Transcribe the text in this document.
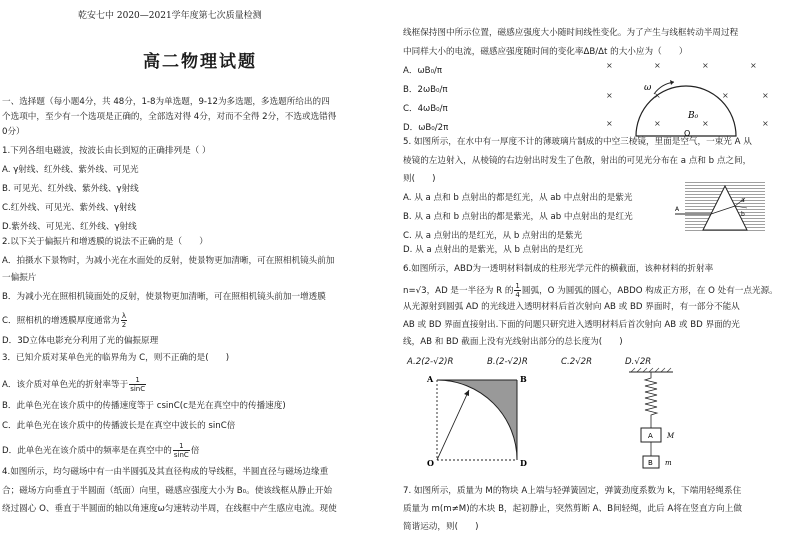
乾安七中 2020—2021学年度第七次质量检测
高二物理试题
一、选择题（每小题4分，共 48分，1-8为单选题，9-12为多选题，多选题所给出的四
个选项中，至少有一个选项是正确的，全部选对得 4分，对而不全得 2分，不选或选错得
0分）
1.下列各组电磁波，按波长由长到短的正确排列是（ ）
A. γ射线、红外线、紫外线、可见光
B. 可见光、红外线、紫外线、γ射线
C.红外线、可见光、紫外线、γ射线
D.紫外线、可见光、红外线、γ射线
2.以下关于偏振片和增透膜的说法不正确的是（　　）
A．拍摄水下景物时，为减小光在水面处的反射，使景物更加清晰，可在照相机镜头前加
一偏振片
B．为减小光在照相机镜面处的反射，使景物更加清晰，可在照相机镜头前加一增透膜
C．照相机的增透膜厚度通常为 $\frac{\lambda}{2}$
D．3D立体电影充分利用了光的偏振原理
3．已知介质对某单色光的临界角为 C，则不正确的是(　　)
A．该介质对单色光的折射率等于 $\frac{1}{\sin C}$
B．此单色光在该介质中的传播速度等于 csinC(c是光在真空中的传播速度)
C．此单色光在该介质中的传播波长是在真空中波长的 sinC倍
D．此单色光在该介质中的频率是在真空中的 $\frac{1}{\sin C}$ 倍
4.如图所示，均匀磁场中有一由半圆弧及其直径构成的导线框，半圆直径与磁场边缘重
合；磁场方向垂直于半圆面（纸面）向里，磁感应强度大小为 B₀。使该线框从静止开始
绕过圆心 O、垂直于半圆面的轴以角速度ω匀速转动半周，在线框中产生感应电流。现使
线框保持图中所示位置，磁感应强度大小随时间线性变化。为了产生与线框转动半周过程
中同样大小的电流，磁感应强度随时间的变化率ΔB/Δt 的大小应为（　　）
A．ωB₀/π
B．2ωB₀/π
C．4ωB₀/π
D．ωB₀/2π
×	×	×	×
×	×	×	×
×	×	×	×
ω
B₀
O
5. 如图所示，在水中有一厚度不计的薄玻璃片制成的中空三棱镜，里面是空气，一束光 A 从
棱镜的左边射入，从棱镜的右边射出时发生了色散，射出的可见光分布在 a 点和 b 点之间，
则(　　)
A. 从 a 点和 b 点射出的都是红光，从 ab 中点射出的是紫光
B. 从 a 点和 b 点射出的都是紫光，从 ab 中点射出的是红光
C. 从 a 点射出的是红光，从 b 点射出的是紫光
D. 从 a 点射出的是紫光，从 b 点射出的是红光
A
a
b
6.如图所示，ABD为一透明材料制成的柱形光学元件的横截面，该种材料的折射率
n=√3，AD 是一半径为 R 的 $\frac{1}{4}$ 圆弧，O 为圆弧的圆心，ABDO 构成正方形，在 O 处有一点光源。
从光源射到圆弧 AD 的光线进入透明材料后首次射向 AB 或 BD 界面时，有一部分不能从
AB 或 BD 界面直接射出.下面的问题只研究进入透明材料后首次射向 AB 或 BD 界面的光
线，AB 和 BD 截面上没有光线射出部分的总长度为(　　)
A.2(2-√2)R	B.(2-√2)R	C.2√2R	D.√2R
A	B
O	D
A M
B m
7. 如图所示，质量为 M的物块 A上端与轻弹簧固定，弹簧劲度系数为 k，下端用轻绳系住
质量为 m(m≠M)的木块 B，起初静止，突然剪断 A、B间轻绳，此后 A将在竖直方向上做
简谐运动，则(　　)
